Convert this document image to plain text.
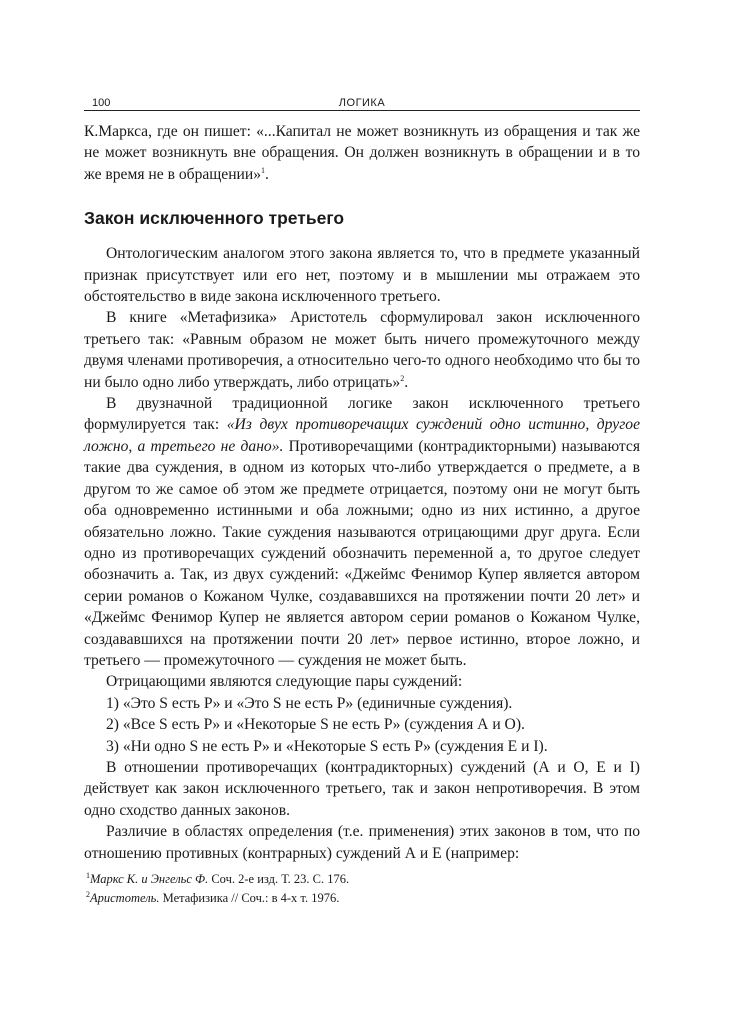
100	ЛОГИКА

К.Маркса, где он пишет: «...Капитал не может возникнуть из обращения и так же не может возникнуть вне обращения. Он должен возникнуть в обращении и в то же время не в обращении»$^1$.

Закон исключенного третьего

Онтологическим аналогом этого закона является то, что в предмете указанный признак присутствует или его нет, поэтому и в мышлении мы отражаем это обстоятельство в виде закона исключенного третьего.

В книге «Метафизика» Аристотель сформулировал закон исключенного третьего так: «Равным образом не может быть ничего промежуточного между двумя членами противоречия, а относительно чего-то одного необходимо что бы то ни было одно либо утверждать, либо отрицать»$^2$.

В двузначной традиционной логике закон исключенного третьего формулируется так: «Из двух противоречащих суждений одно истинно, другое ложно, а третьего не дано». Противоречащими (контрадикторными) называются такие два суждения, в одном из которых что-либо утверждается о предмете, а в другом то же самое об этом же предмете отрицается, поэтому они не могут быть оба одновременно истинными и оба ложными; одно из них истинно, а другое обязательно ложно. Такие суждения называются отрицающими друг друга. Если одно из противоречащих суждений обозначить переменной a, то другое следует обозначить a. Так, из двух суждений: «Джеймс Фенимор Купер является автором серии романов о Кожаном Чулке, создававшихся на протяжении почти 20 лет» и «Джеймс Фенимор Купер не является автором серии романов о Кожаном Чулке, создававшихся на протяжении почти 20 лет» первое истинно, второе ложно, и третьего — промежуточного — суждения не может быть.

Отрицающими являются следующие пары суждений:

1) «Это S есть P» и «Это S не есть P» (единичные суждения).

2) «Все S есть P» и «Некоторые S не есть P» (суждения А и О).

3) «Ни одно S не есть P» и «Некоторые S есть P» (суждения Е и I).

В отношении противоречащих (контрадикторных) суждений (А и О, Е и I) действует как закон исключенного третьего, так и закон непротиворечия. В этом одно сходство данных законов.

Различие в областях определения (т.е. применения) этих законов в том, что по отношению противных (контрарных) суждений А и Е (например:

$^1$Маркс К. и Энгельс Ф. Соч. 2-е изд. Т. 23. С. 176.
$^2$Аристотель. Метафизика // Соч.: в 4-х т. 1976.
